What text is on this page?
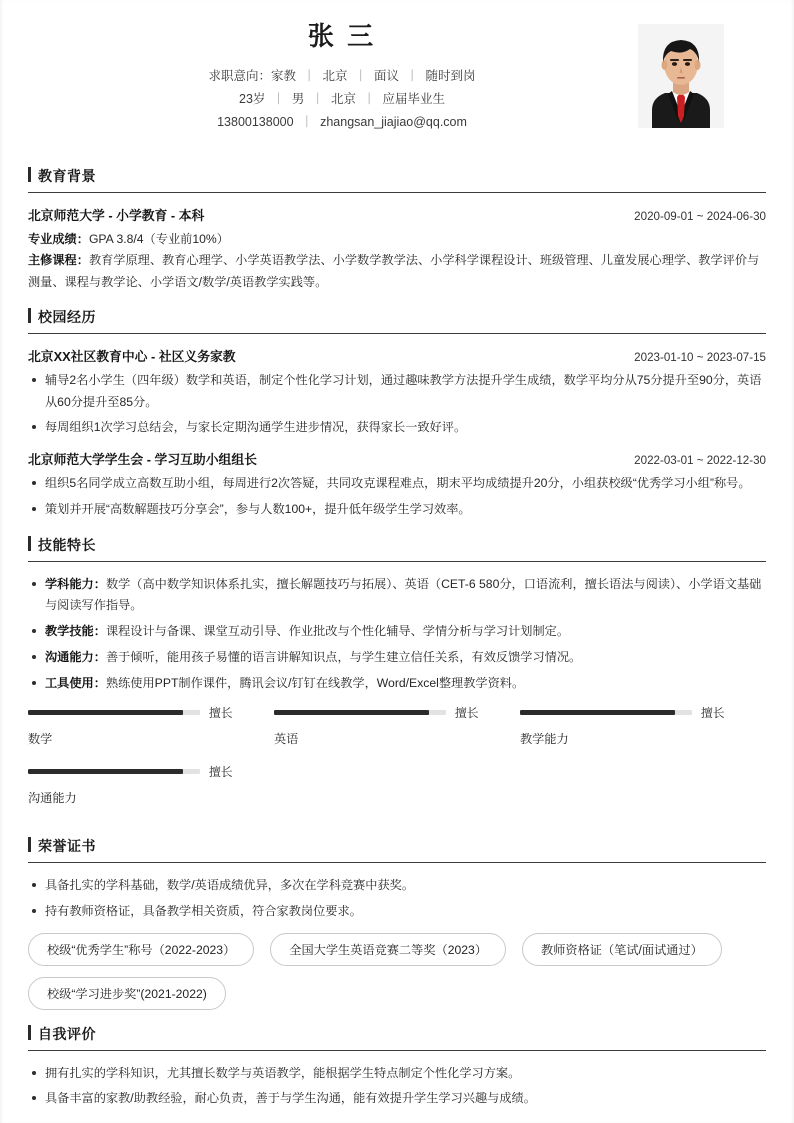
张 三
求职意向：家教 丨 北京 丨 面议 丨 随时到岗
23岁 丨 男 丨 北京 丨 应届毕业生
13800138000 丨 zhangsan_jiajiao@qq.com
教育背景
北京师范大学 - 小学教育 - 本科	2020-09-01 ~ 2024-06-30
专业成绩：GPA 3.8/4（专业前10%）
主修课程：教育学原理、教育心理学、小学英语教学法、小学数学教学法、小学科学课程设计、班级管理、儿童发展心理学、教学评价与测量、课程与教学论、小学语文/数学/英语教学实践等。
校园经历
北京XX社区教育中心 - 社区义务家教	2023-01-10 ~ 2023-07-15
辅导2名小学生（四年级）数学和英语，制定个性化学习计划，通过趣味教学方法提升学生成绩，数学平均分从75分提升至90分，英语从60分提升至85分。
每周组织1次学习总结会，与家长定期沟通学生进步情况，获得家长一致好评。
北京师范大学学生会 - 学习互助小组组长	2022-03-01 ~ 2022-12-30
组织5名同学成立高数互助小组，每周进行2次答疑，共同攻克课程难点，期末平均成绩提升20分，小组获校级“优秀学习小组”称号。
策划并开展“高数解题技巧分享会”，参与人数100+，提升低年级学生学习效率。
技能特长
学科能力：数学（高中数学知识体系扎实，擅长解题技巧与拓展）、英语（CET-6 580分，口语流利，擅长语法与阅读）、小学语文基础与阅读写作指导。
教学技能：课程设计与备课、课堂互动引导、作业批改与个性化辅导、学情分析与学习计划制定。
沟通能力：善于倾听，能用孩子易懂的语言讲解知识点，与学生建立信任关系，有效反馈学习情况。
工具使用：熟练使用PPT制作课件，腾讯会议/钉钉在线教学，Word/Excel整理教学资料。
擅长
数学
擅长
英语
擅长
教学能力
擅长
沟通能力
荣誉证书
具备扎实的学科基础，数学/英语成绩优异，多次在学科竞赛中获奖。
持有教师资格证，具备教学相关资质，符合家教岗位要求。
校级“优秀学生”称号（2022-2023）	全国大学生英语竞赛二等奖（2023）	教师资格证（笔试/面试通过）
校级“学习进步奖”(2021-2022)
自我评价
拥有扎实的学科知识，尤其擅长数学与英语教学，能根据学生特点制定个性化学习方案。
具备丰富的家教/助教经验，耐心负责，善于与学生沟通，能有效提升学生学习兴趣与成绩。
